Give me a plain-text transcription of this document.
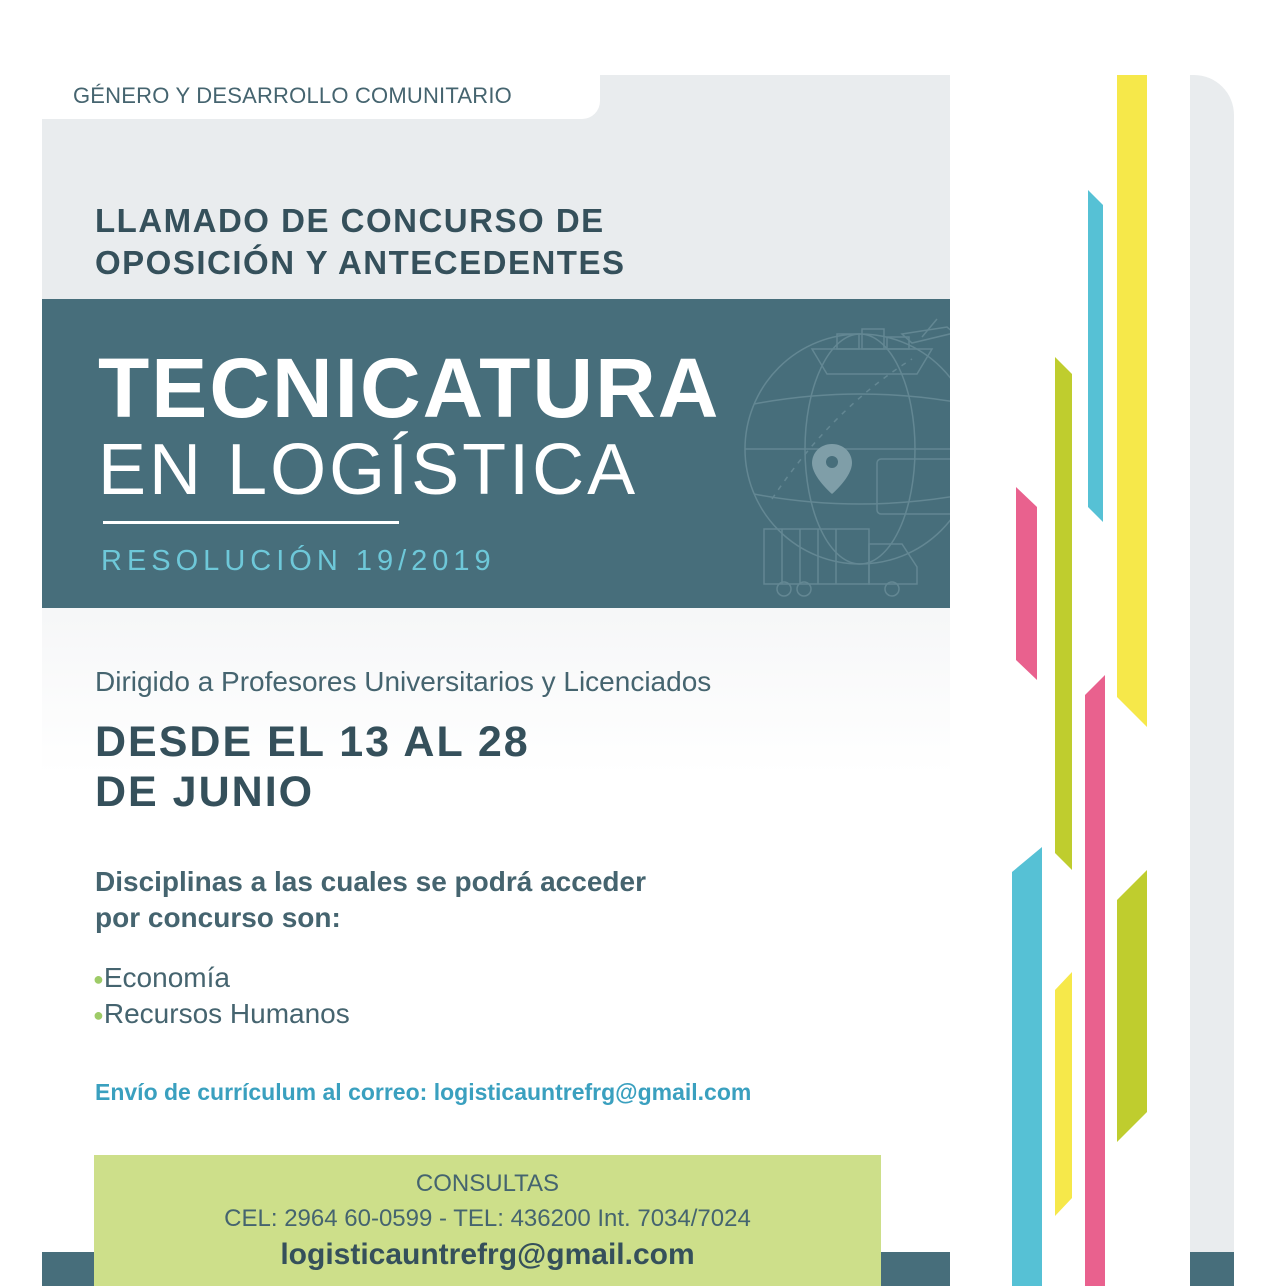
GÉNERO Y DESARROLLO COMUNITARIO
LLAMADO DE CONCURSO DE
OPOSICIÓN Y ANTECEDENTES
TECNICATURA
EN LOGÍSTICA
RESOLUCIÓN 19/2019
Dirigido a Profesores Universitarios y Licenciados
DESDE EL 13 AL 28
DE JUNIO
Disciplinas a las cuales se podrá acceder
por concurso son:
●Economía
●Recursos Humanos
Envío de currículum al correo: logisticauntrefrg@gmail.com
CONSULTAS
CEL: 2964 60-0599 - TEL: 436200 Int. 7034/7024
logisticauntrefrg@gmail.com
